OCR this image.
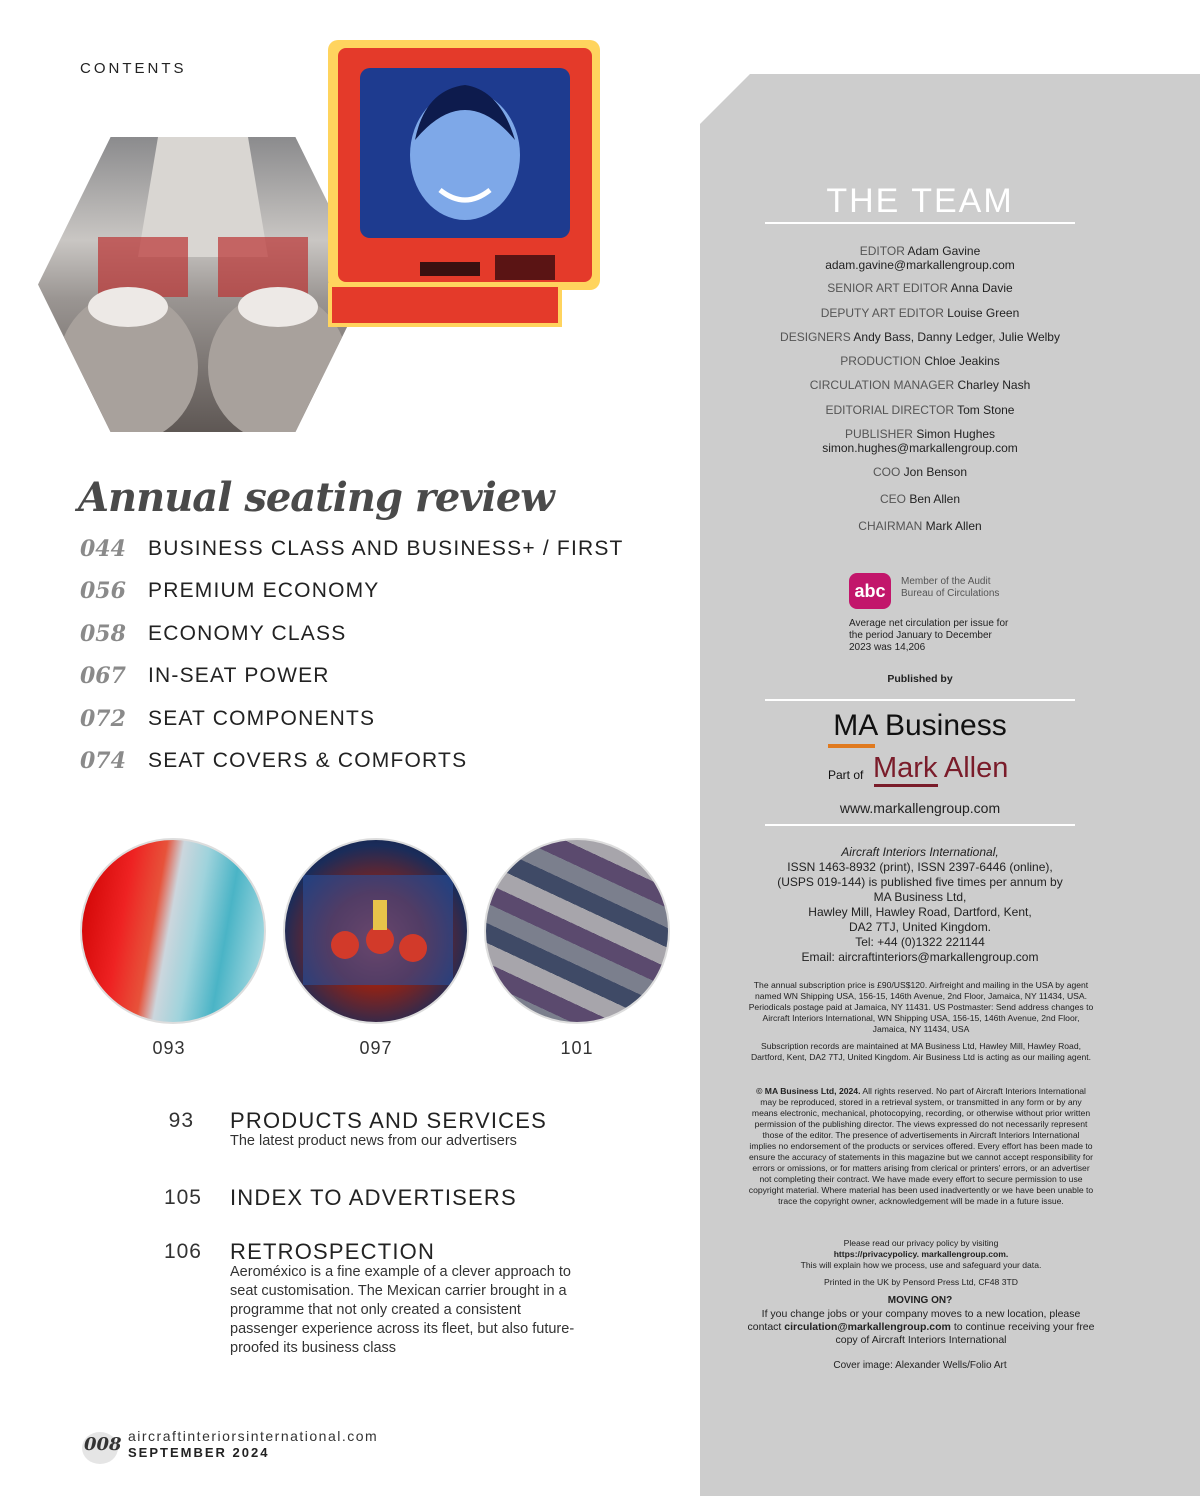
CONTENTS
Annual seating review
044	BUSINESS CLASS AND BUSINESS+ / FIRST
056	PREMIUM ECONOMY
058	ECONOMY CLASS
067	IN-SEAT POWER
072	SEAT COMPONENTS
074	SEAT COVERS & COMFORTS
093	097	101
93 PRODUCTS AND SERVICES
The latest product news from our advertisers
105 INDEX TO ADVERTISERS
106 RETROSPECTION
Aeroméxico is a fine example of a clever approach to seat customisation. The Mexican carrier brought in a programme that not only created a consistent passenger experience across its fleet, but also future-proofed its business class
008 aircraftinteriorsinternational.com
SEPTEMBER 2024
THE TEAM
EDITOR Adam Gavine
adam.gavine@markallengroup.com
SENIOR ART EDITOR Anna Davie
DEPUTY ART EDITOR Louise Green
DESIGNERS Andy Bass, Danny Ledger, Julie Welby
PRODUCTION Chloe Jeakins
CIRCULATION MANAGER Charley Nash
EDITORIAL DIRECTOR Tom Stone
PUBLISHER Simon Hughes
simon.hughes@markallengroup.com
COO Jon Benson
CEO Ben Allen
CHAIRMAN Mark Allen
abc	Member of the Audit Bureau of Circulations
Average net circulation per issue for the period January to December 2023 was 14,206
Published by
MA Business
Part of Mark Allen
www.markallengroup.com
Aircraft Interiors International,
ISSN 1463-8932 (print), ISSN 2397-6446 (online),
(USPS 019-144) is published five times per annum by
MA Business Ltd,
Hawley Mill, Hawley Road, Dartford, Kent,
DA2 7TJ, United Kingdom.
Tel: +44 (0)1322 221144
Email: aircraftinteriors@markallengroup.com
The annual subscription price is £90/US$120. Airfreight and mailing in the USA by agent named WN Shipping USA, 156-15, 146th Avenue, 2nd Floor, Jamaica, NY 11434, USA. Periodicals postage paid at Jamaica, NY 11431. US Postmaster: Send address changes to Aircraft Interiors International, WN Shipping USA, 156-15, 146th Avenue, 2nd Floor, Jamaica, NY 11434, USA
Subscription records are maintained at MA Business Ltd, Hawley Mill, Hawley Road, Dartford, Kent, DA2 7TJ, United Kingdom. Air Business Ltd is acting as our mailing agent.
© MA Business Ltd, 2024. All rights reserved. No part of Aircraft Interiors International may be reproduced, stored in a retrieval system, or transmitted in any form or by any means electronic, mechanical, photocopying, recording, or otherwise without prior written permission of the publishing director. The views expressed do not necessarily represent those of the editor. The presence of advertisements in Aircraft Interiors International implies no endorsement of the products or services offered. Every effort has been made to ensure the accuracy of statements in this magazine but we cannot accept responsibility for errors or omissions, or for matters arising from clerical or printers' errors, or an advertiser not completing their contract. We have made every effort to secure permission to use copyright material. Where material has been used inadvertently or we have been unable to trace the copyright owner, acknowledgement will be made in a future issue.
Please read our privacy policy by visiting
https://privacypolicy. markallengroup.com.
This will explain how we process, use and safeguard your data.
Printed in the UK by Pensord Press Ltd, CF48 3TD
MOVING ON?
If you change jobs or your company moves to a new location, please
contact circulation@markallengroup.com to continue receiving your free
copy of Aircraft Interiors International
Cover image: Alexander Wells/Folio Art
